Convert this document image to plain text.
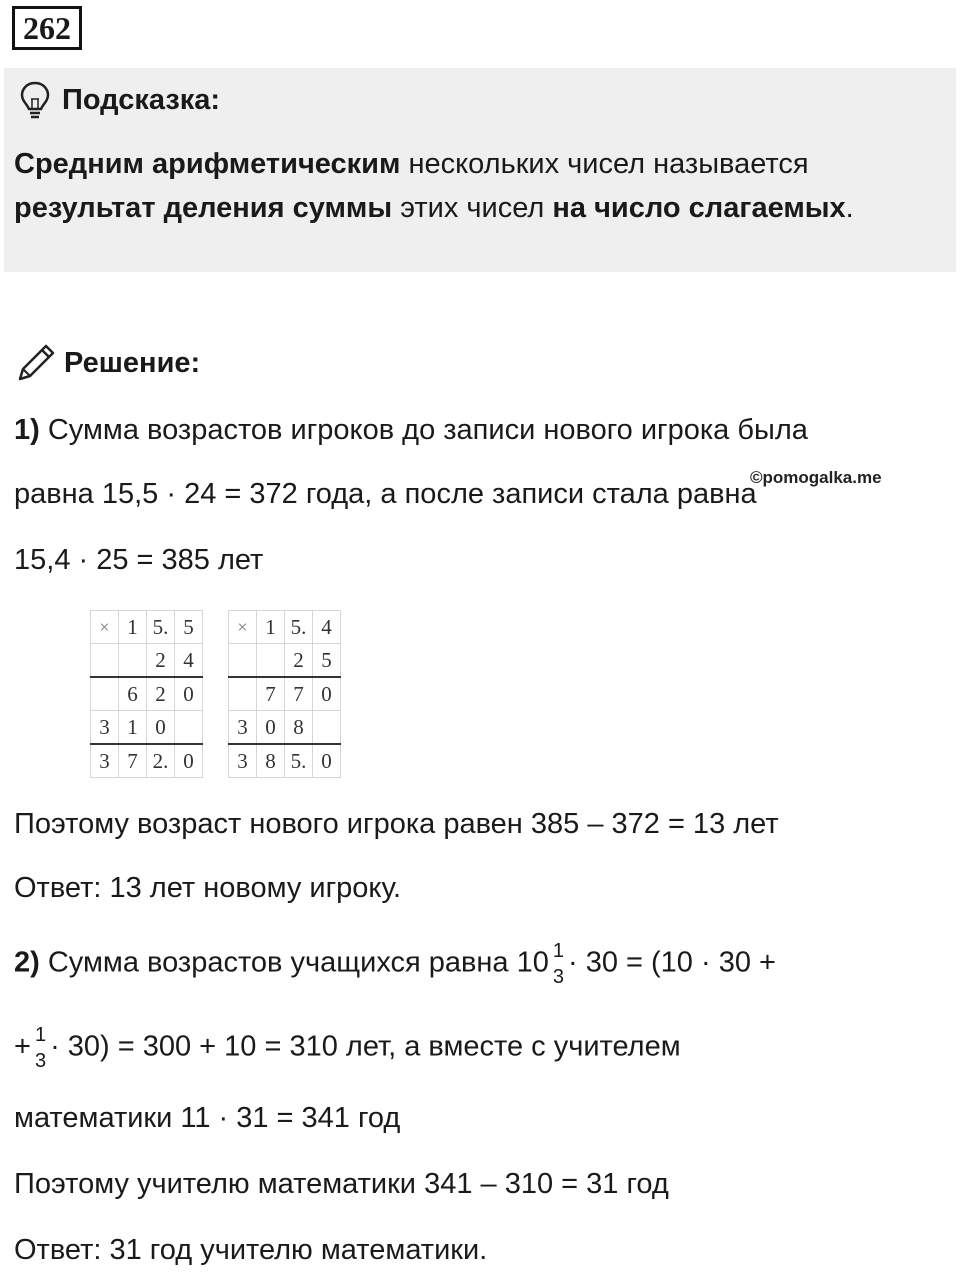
262
Подсказка:
Средним арифметическим нескольких чисел называется
результат деления суммы этих чисел на число слагаемых.
Решение:
1) Сумма возрастов игроков до записи нового игрока была
равна 15,5 · 24 = 372 года, а после записи стала равна
©pomogalka.me
15,4 · 25 = 385 лет
×	1	5.	5
		2	4
	6	2	0
3	1	0	
3	7	2.	0
×	1	5.	4
		2	5
	7	7	0
3	0	8	
3	8	5.	0
Поэтому возраст нового игрока равен 385 – 372 = 13 лет
Ответ: 13 лет новому игроку.
2) Сумма возрастов учащихся равна 10 1
3 · 30 = (10 · 30 +
+ 1
3 · 30) = 300 + 10 = 310 лет, а вместе с учителем
математики 11 · 31 = 341 год
Поэтому учителю математики 341 – 310 = 31 год
Ответ: 31 год учителю математики.
